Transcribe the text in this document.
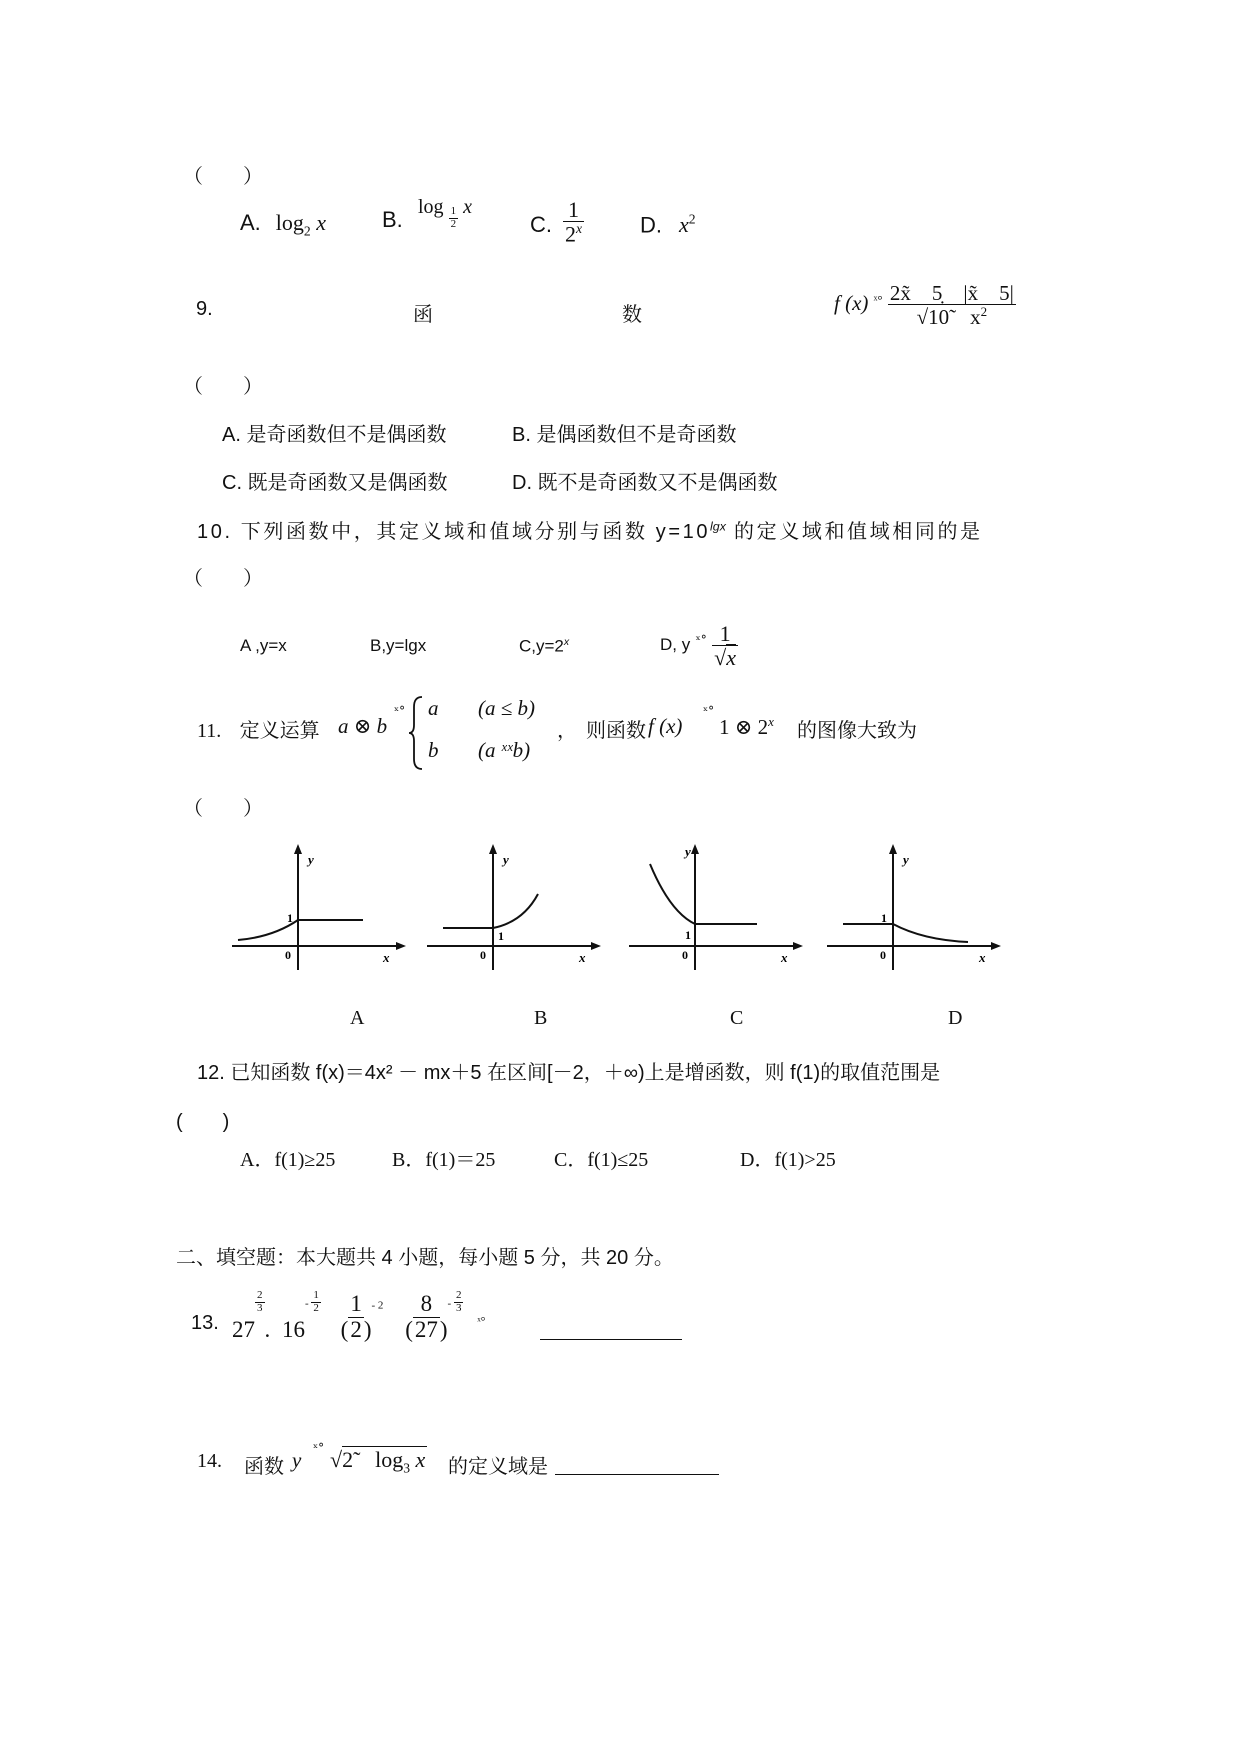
（　　）
A. $\log_2 x$	B. $\log \frac{1}{2}$ x
C. $\frac{1}{2^x}$	D. $x^2$
9.	函	数
f (x) $^{ˣ^\circ} \frac{2x̃ 5̣ |x̃ 5|}{√10̃ x^2}$
（　　）
A. 是奇函数但不是偶函数	B. 是偶函数但不是奇函数
C. 既是奇函数又是偶函数	D. 既不是奇函数又不是偶函数
10. 下列函数中，其定义域和值域分别与函数 $y=10^{lgx}$ 的定义域和值域相同的是
（　　）
A ,y=x	B,y=lgx	$C,y=2^x$	D, y $^{ˣ^\circ} \frac{1}{√x}$
11. 定义运算 a ⊗ b
ˣ° a (a ≤ b)
b (a ˣˣb)
， 则函数 f (x)
ˣ°
1 ⊗ 2$^x$ 的图像大致为
（　　）
y
x
0
1
y
x
0
1
y
x
0
1
y
x
0
1
A	B	C	D
12. 已知函数 f(x)＝4x² － mx＋5 在区间[－2，＋∞)上是增函数，则 f(1)的取值范围是
(　　)
A．f(1)≥25	B．f(1)＝25	C．f(1)≤25	D．f(1)>25
二、填空题：本大题共 4 小题，每小题 5 分，共 20 分。
13. 27
$\frac{2}{3}$
. $16^- \frac{1}{2}$
( $\frac{1}{2} )^{- 2}$ ( $\frac{8}{27} )^- \frac{2}{3}$
$_{ˣ^\circ}$
14. 函数 y ˣ° √2̃　$\log_3 x$ 的定义域是
